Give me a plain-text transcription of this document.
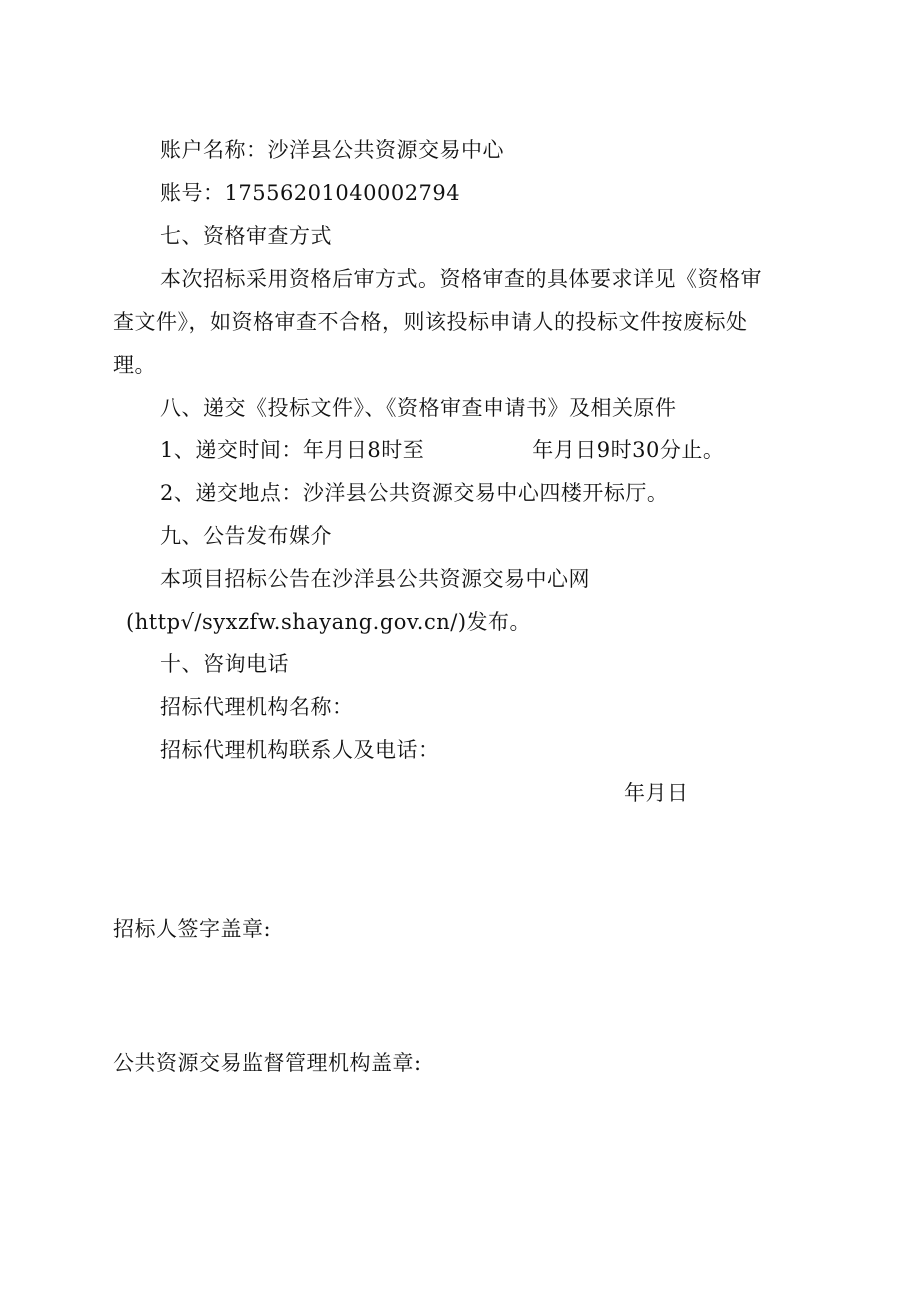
账户名称：沙洋县公共资源交易中心
账号：17556201040002794
七、资格审查方式
本次招标采用资格后审方式。资格审查的具体要求详见《资格审
查文件》，如资格审查不合格，则该投标申请人的投标文件按废标处
理。
八、递交《投标文件》、《资格审查申请书》及相关原件
1、递交时间：年月日8时至	年月日9时30分止。
2、递交地点：沙洋县公共资源交易中心四楼开标厅。
九、公告发布媒介
本项目招标公告在沙洋县公共资源交易中心网
(http√/syxzfw.shayang.gov.cn/)发布。
十、咨询电话
招标代理机构名称：
招标代理机构联系人及电话：
年月日
招标人签字盖章:
公共资源交易监督管理机构盖章:
